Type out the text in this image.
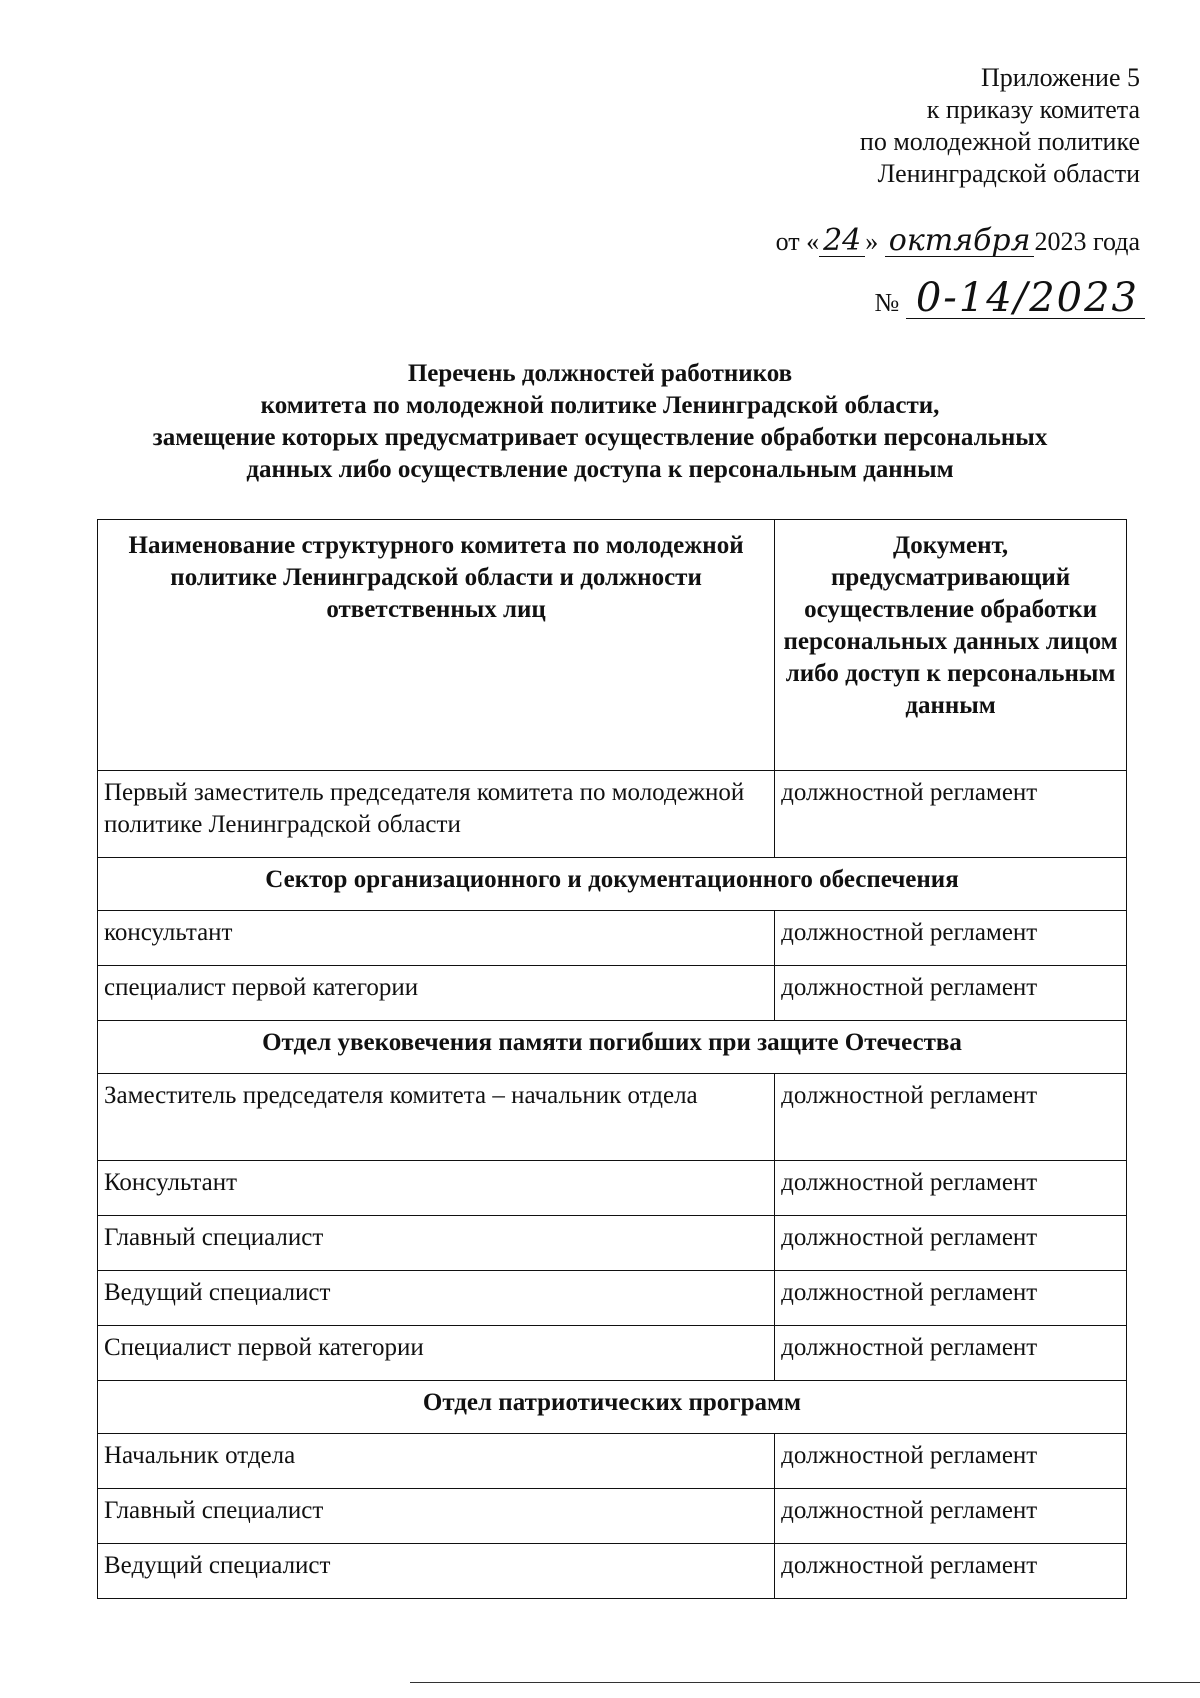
Приложение 5
к приказу комитета
по молодежной политике
Ленинградской области
от « 24 » октября 2023 года
№ 0-14/2023
Перечень должностей работников
комитета по молодежной политике Ленинградской области,
замещение которых предусматривает осуществление обработки персональных
данных либо осуществление доступа к персональным данным
Наименование структурного комитета по молодежной политике Ленинградской области и должности ответственных лиц	Документ, предусматривающий осуществление обработки персональных данных лицом либо доступ к персональным данным
Первый заместитель председателя комитета по молодежной политике Ленинградской области	должностной регламент
Сектор организационного и документационного обеспечения	
консультант	должностной регламент
специалист первой категории	должностной регламент
Отдел увековечения памяти погибших при защите Отечества	
Заместитель председателя комитета – начальник отдела	должностной регламент
Консультант	должностной регламент
Главный специалист	должностной регламент
Ведущий специалист	должностной регламент
Специалист первой категории	должностной регламент
Отдел патриотических программ	
Начальник отдела	должностной регламент
Главный специалист	должностной регламент
Ведущий специалист	должностной регламент
